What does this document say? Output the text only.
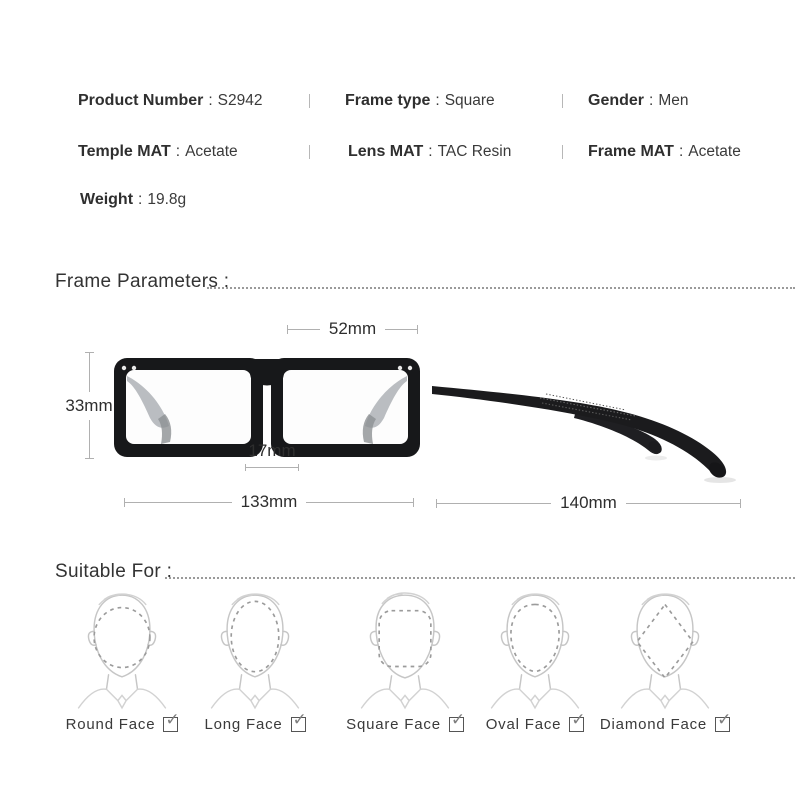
Product Number : S2942	Frame type : Square	Gender : Men
Temple MAT : Acetate	Lens MAT : TAC Resin	Frame MAT : Acetate
Weight : 19.8g
Frame Parameters :
52mm
33mm
17mm
133mm	140mm
Suitable For :
Round Face ✓ Long Face ✓	Square Face ✓ Oval Face ✓ Diamond Face ✓
